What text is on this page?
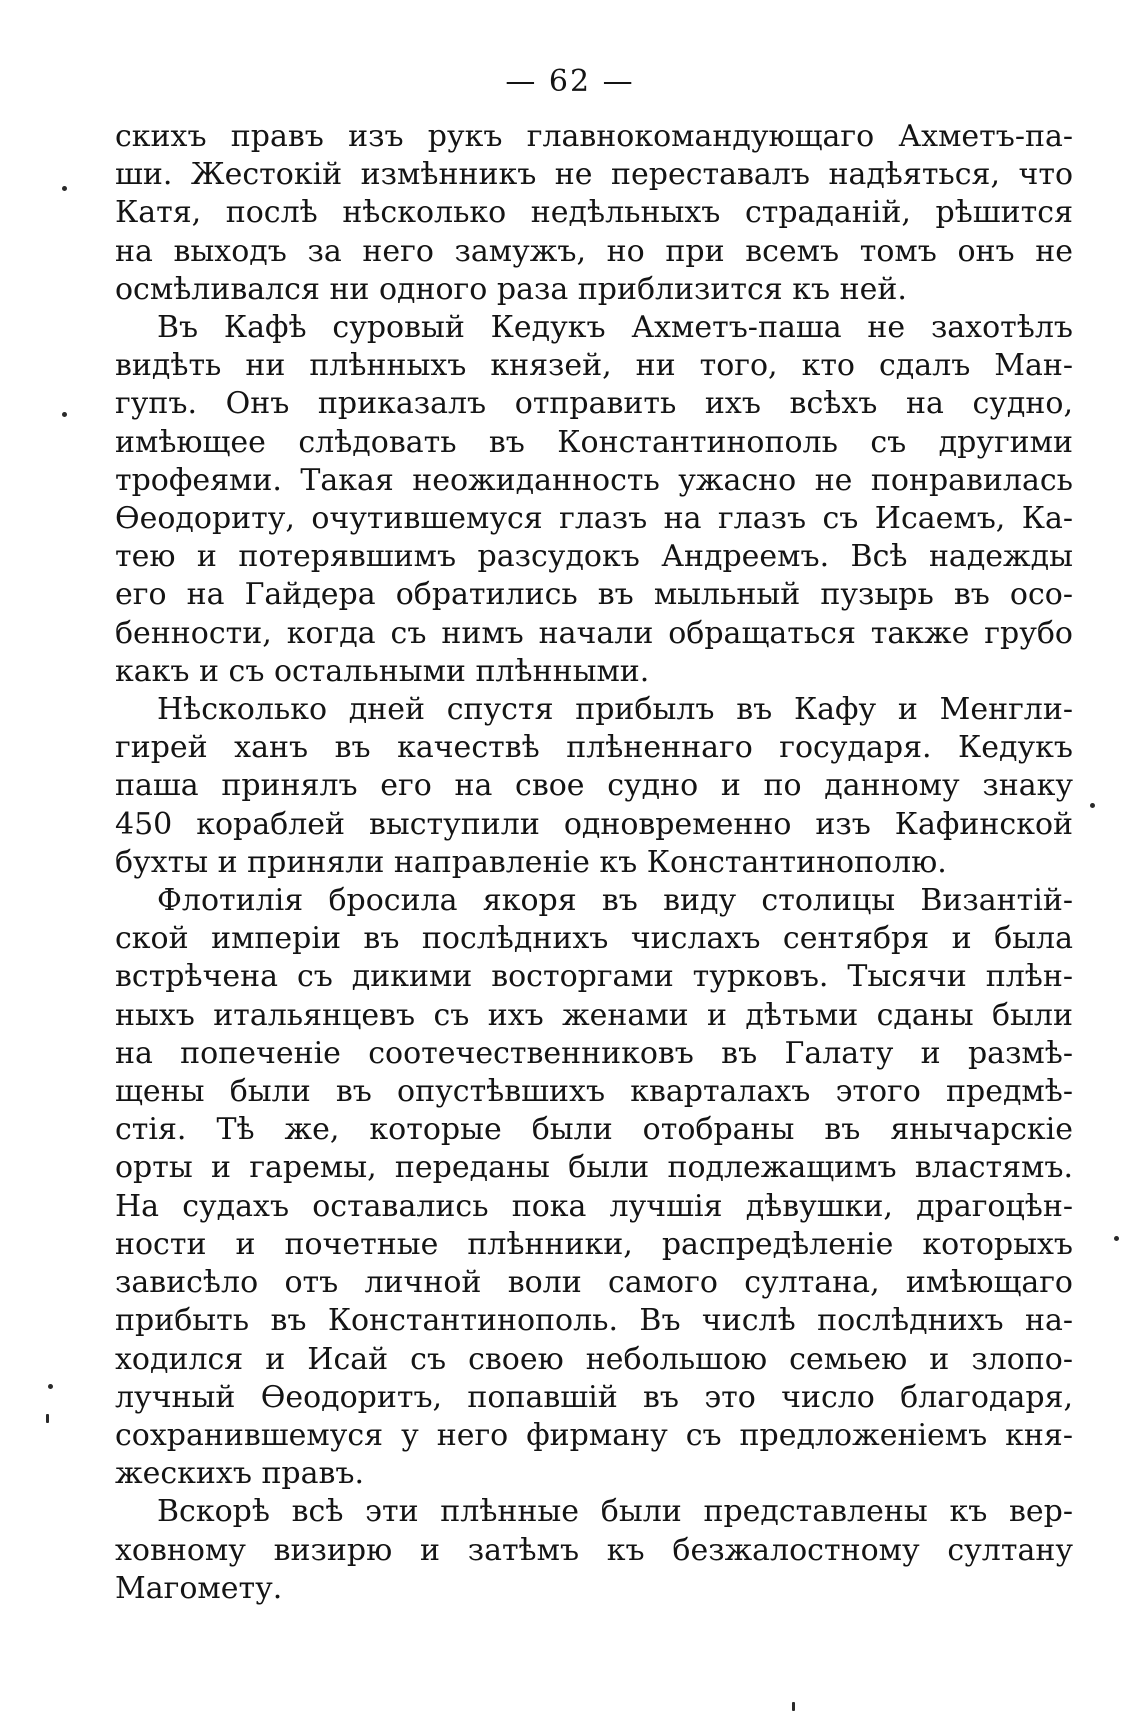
— 62 —

скихъ правъ изъ рукъ главнокомандующаго Ахметъ-па-
ши. Жестокій измѣнникъ не переставалъ надѣяться, что
Катя, послѣ нѣсколько недѣльныхъ страданій, рѣшится
на выходъ за него замужъ, но при всемъ томъ онъ не
осмѣливался ни одного раза приблизится къ ней.

Въ Кафѣ суровый Кедукъ Ахметъ-паша не захотѣлъ
видѣть ни плѣнныхъ князей, ни того, кто сдалъ Ман-
гупъ. Онъ приказалъ отправить ихъ всѣхъ на судно,
имѣющее слѣдовать въ Константинополь съ другими
трофеями. Такая неожиданность ужасно не понравилась
Өеодориту, очутившемуся глазъ на глазъ съ Исаемъ, Ка-
тею и потерявшимъ разсудокъ Андреемъ. Всѣ надежды
его на Гайдера обратились въ мыльный пузырь въ осо-
бенности, когда съ нимъ начали обращаться также грубо
какъ и съ остальными плѣнными.

Нѣсколько дней спустя прибылъ въ Кафу и Менгли-
гирей ханъ въ качествѣ плѣненнаго государя. Кедукъ
паша принялъ его на свое судно и по данному знаку
450 кораблей выступили одновременно изъ Кафинской
бухты и приняли направленіе къ Константинополю.

Флотилія бросила якоря въ виду столицы Византій-
ской имперіи въ послѣднихъ числахъ сентября и была
встрѣчена съ дикими восторгами турковъ. Тысячи плѣн-
ныхъ итальянцевъ съ ихъ женами и дѣтьми сданы были
на попеченіе соотечественниковъ въ Галату и размѣ-
щены были въ опустѣвшихъ кварталахъ этого предмѣ-
стія. Тѣ же, которые были отобраны въ янычарскіе
орты и гаремы, переданы были подлежащимъ властямъ.
На судахъ оставались пока лучшія дѣвушки, драгоцѣн-
ности и почетные плѣнники, распредѣленіе которыхъ
зависѣло отъ личной воли самого султана, имѣющаго
прибыть въ Константинополь. Въ числѣ послѣднихъ на-
ходился и Исай съ своею небольшою семьею и злопо-
лучный Өеодоритъ, попавшій въ это число благодаря,
сохранившемуся у него фирману съ предложеніемъ кня-
жескихъ правъ.

Вскорѣ всѣ эти плѣнные были представлены къ вер-
ховному визирю и затѣмъ къ безжалостному султану
Магомету.
